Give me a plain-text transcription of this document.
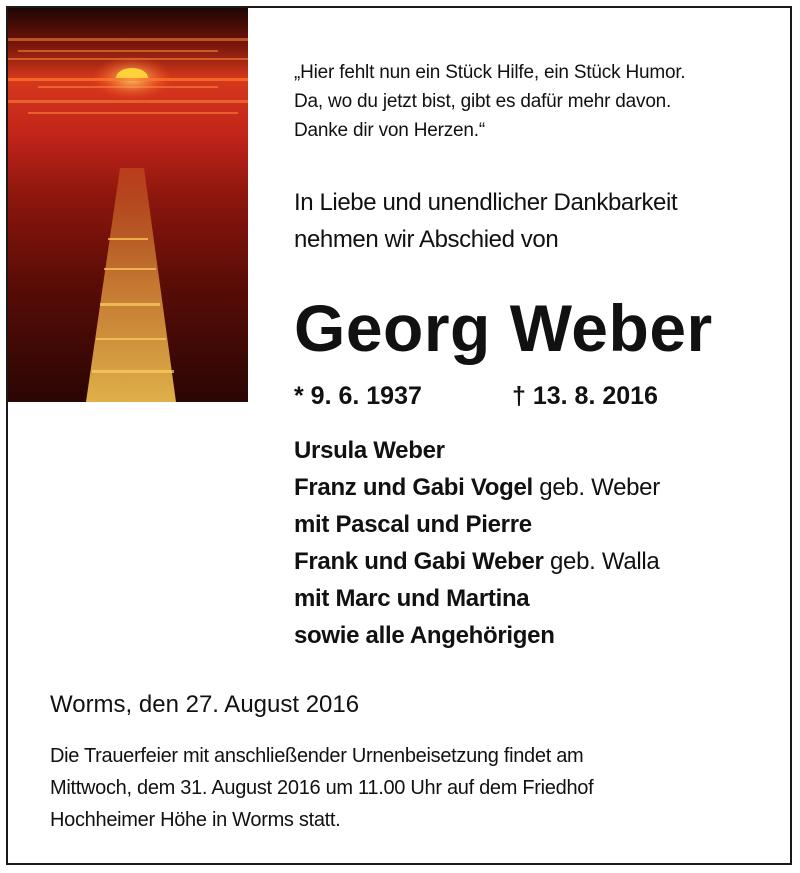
„Hier fehlt nun ein Stück Hilfe, ein Stück Humor.
Da, wo du jetzt bist, gibt es dafür mehr davon.
Danke dir von Herzen.“
In Liebe und unendlicher Dankbarkeit
nehmen wir Abschied von
Georg Weber
* 9. 6. 1937	† 13. 8. 2016
Ursula Weber
Franz und Gabi Vogel geb. Weber
mit Pascal und Pierre
Frank und Gabi Weber geb. Walla
mit Marc und Martina
sowie alle Angehörigen
Worms, den 27. August 2016
Die Trauerfeier mit anschließender Urnenbeisetzung findet am
Mittwoch, dem 31. August 2016 um 11.00 Uhr auf dem Friedhof
Hochheimer Höhe in Worms statt.
